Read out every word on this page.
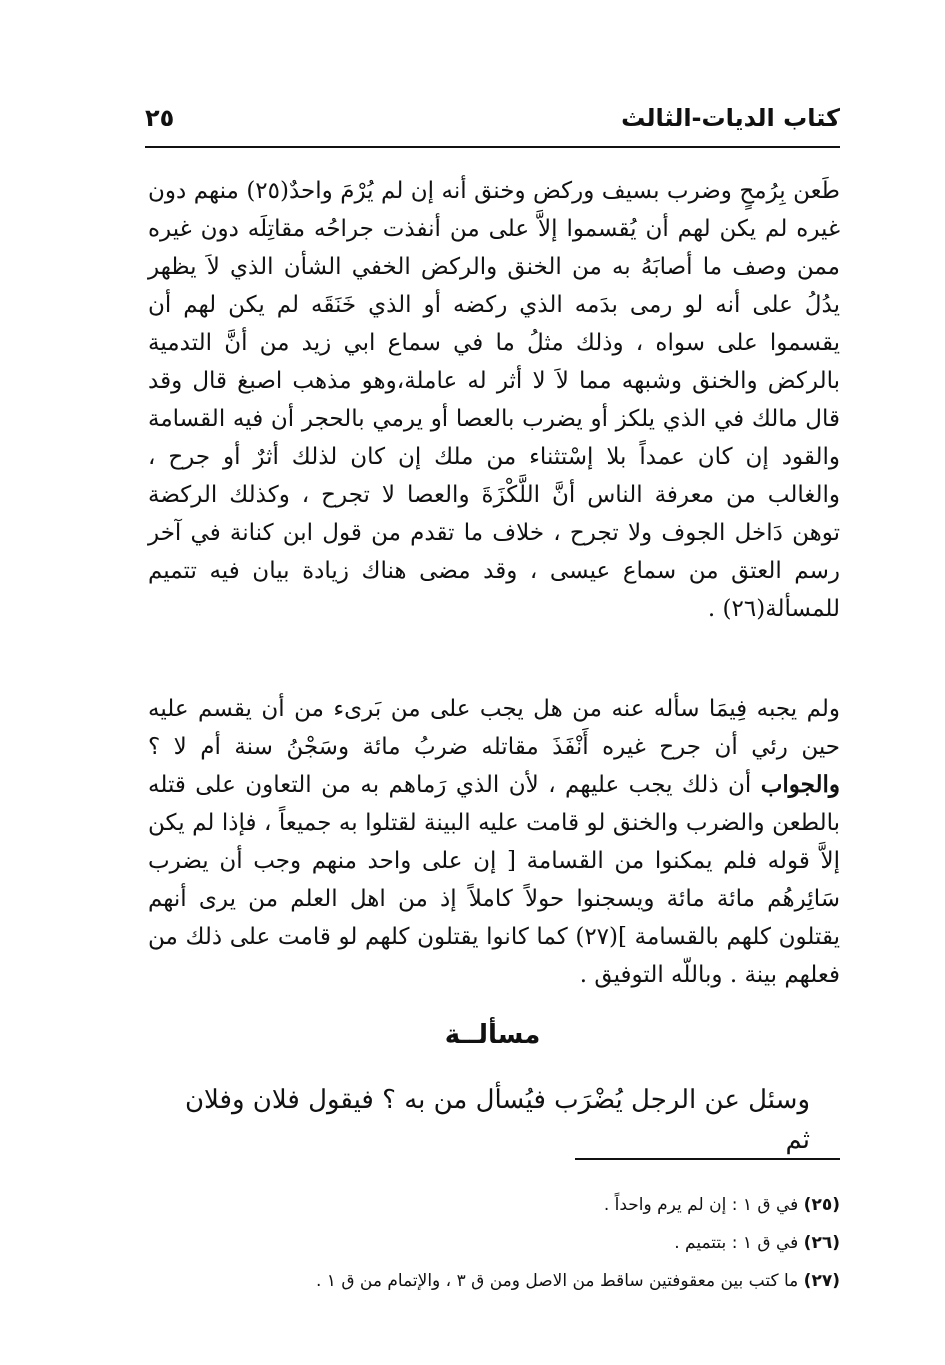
كتاب الديات-الثالث
٢٥

طَعن بِرُمحٍ وضرب بسيف وركض وخنق أنه إن لم يُرْمَ واحدٌ(٢٥) منهم دون غيره لم يكن لهم أن يُقسموا إلاَّ على من أنفذت جراحُه مقاتِلَه دون غيره ممن وصف ما أصابَهُ به من الخنق والركض الخفي الشأن الذي لاَ يظهر يدُلُ على أنه لو رمى بدَمه الذي ركضه أو الذي خَنَقَه لم يكن لهم أن يقسموا على سواه ، وذلك مثلُ ما في سماع ابي زيد من أنَّ التدمية بالركض والخنق وشبهه مما لاَ لا أثر له عاملة،وهو مذهب اصبغ قال وقد قال مالك في الذي يلكز أو يضرب بالعصا أو يرمي بالحجر أن فيه القسامة والقود إن كان عمداً بلا إسْتثناء من ملك إن كان لذلك أثرٌ أو جرح ، والغالب من معرفة الناس أنَّ اللَّكْزَةَ والعصا لا تجرح ، وكذلك الركضة توهن دَاخل الجوف ولا تجرح ، خلاف ما تقدم من قول ابن كنانة في آخر رسم العتق من سماع عيسى ، وقد مضى هناك زيادة بيان فيه تتميم للمسألة(٢٦) .

ولم يجبه فِيمَا سأله عنه من هل يجب على من بَرىء من أن يقسم عليه حين رئي أن جرح غيره أَنْفَذَ مقاتله ضربُ مائة وسَجْنُ سنة أم لا ؟ والجواب أن ذلك يجب عليهم ، لأن الذي رَماهم به من التعاون على قتله بالطعن والضرب والخنق لو قامت عليه البينة لقتلوا به جميعاً ، فإذا لم يكن إلاَّ قوله فلم يمكنوا من القسامة [ إن على واحد منهم وجب أن يضرب سَائِرهُم مائة مائة ويسجنوا حولاً كاملاً إذ من اهل العلم من يرى أنهم يقتلون كلهم بالقسامة ](٢٧) كما كانوا يقتلون كلهم لو قامت على ذلك من فعلهم بينة . وباللّه التوفيق .

مسألــة
وسئل عن الرجل يُضْرَب فيُسأل من به ؟ فيقول فلان وفلان ثم

(٢٥) في ق ١ : إن لم يرم واحداً .

(٢٦) في ق ١ : بتتميم .

(٢٧) ما كتب بين معقوفتين ساقط من الاصل ومن ق ٣ ، والإتمام من ق ١ .
